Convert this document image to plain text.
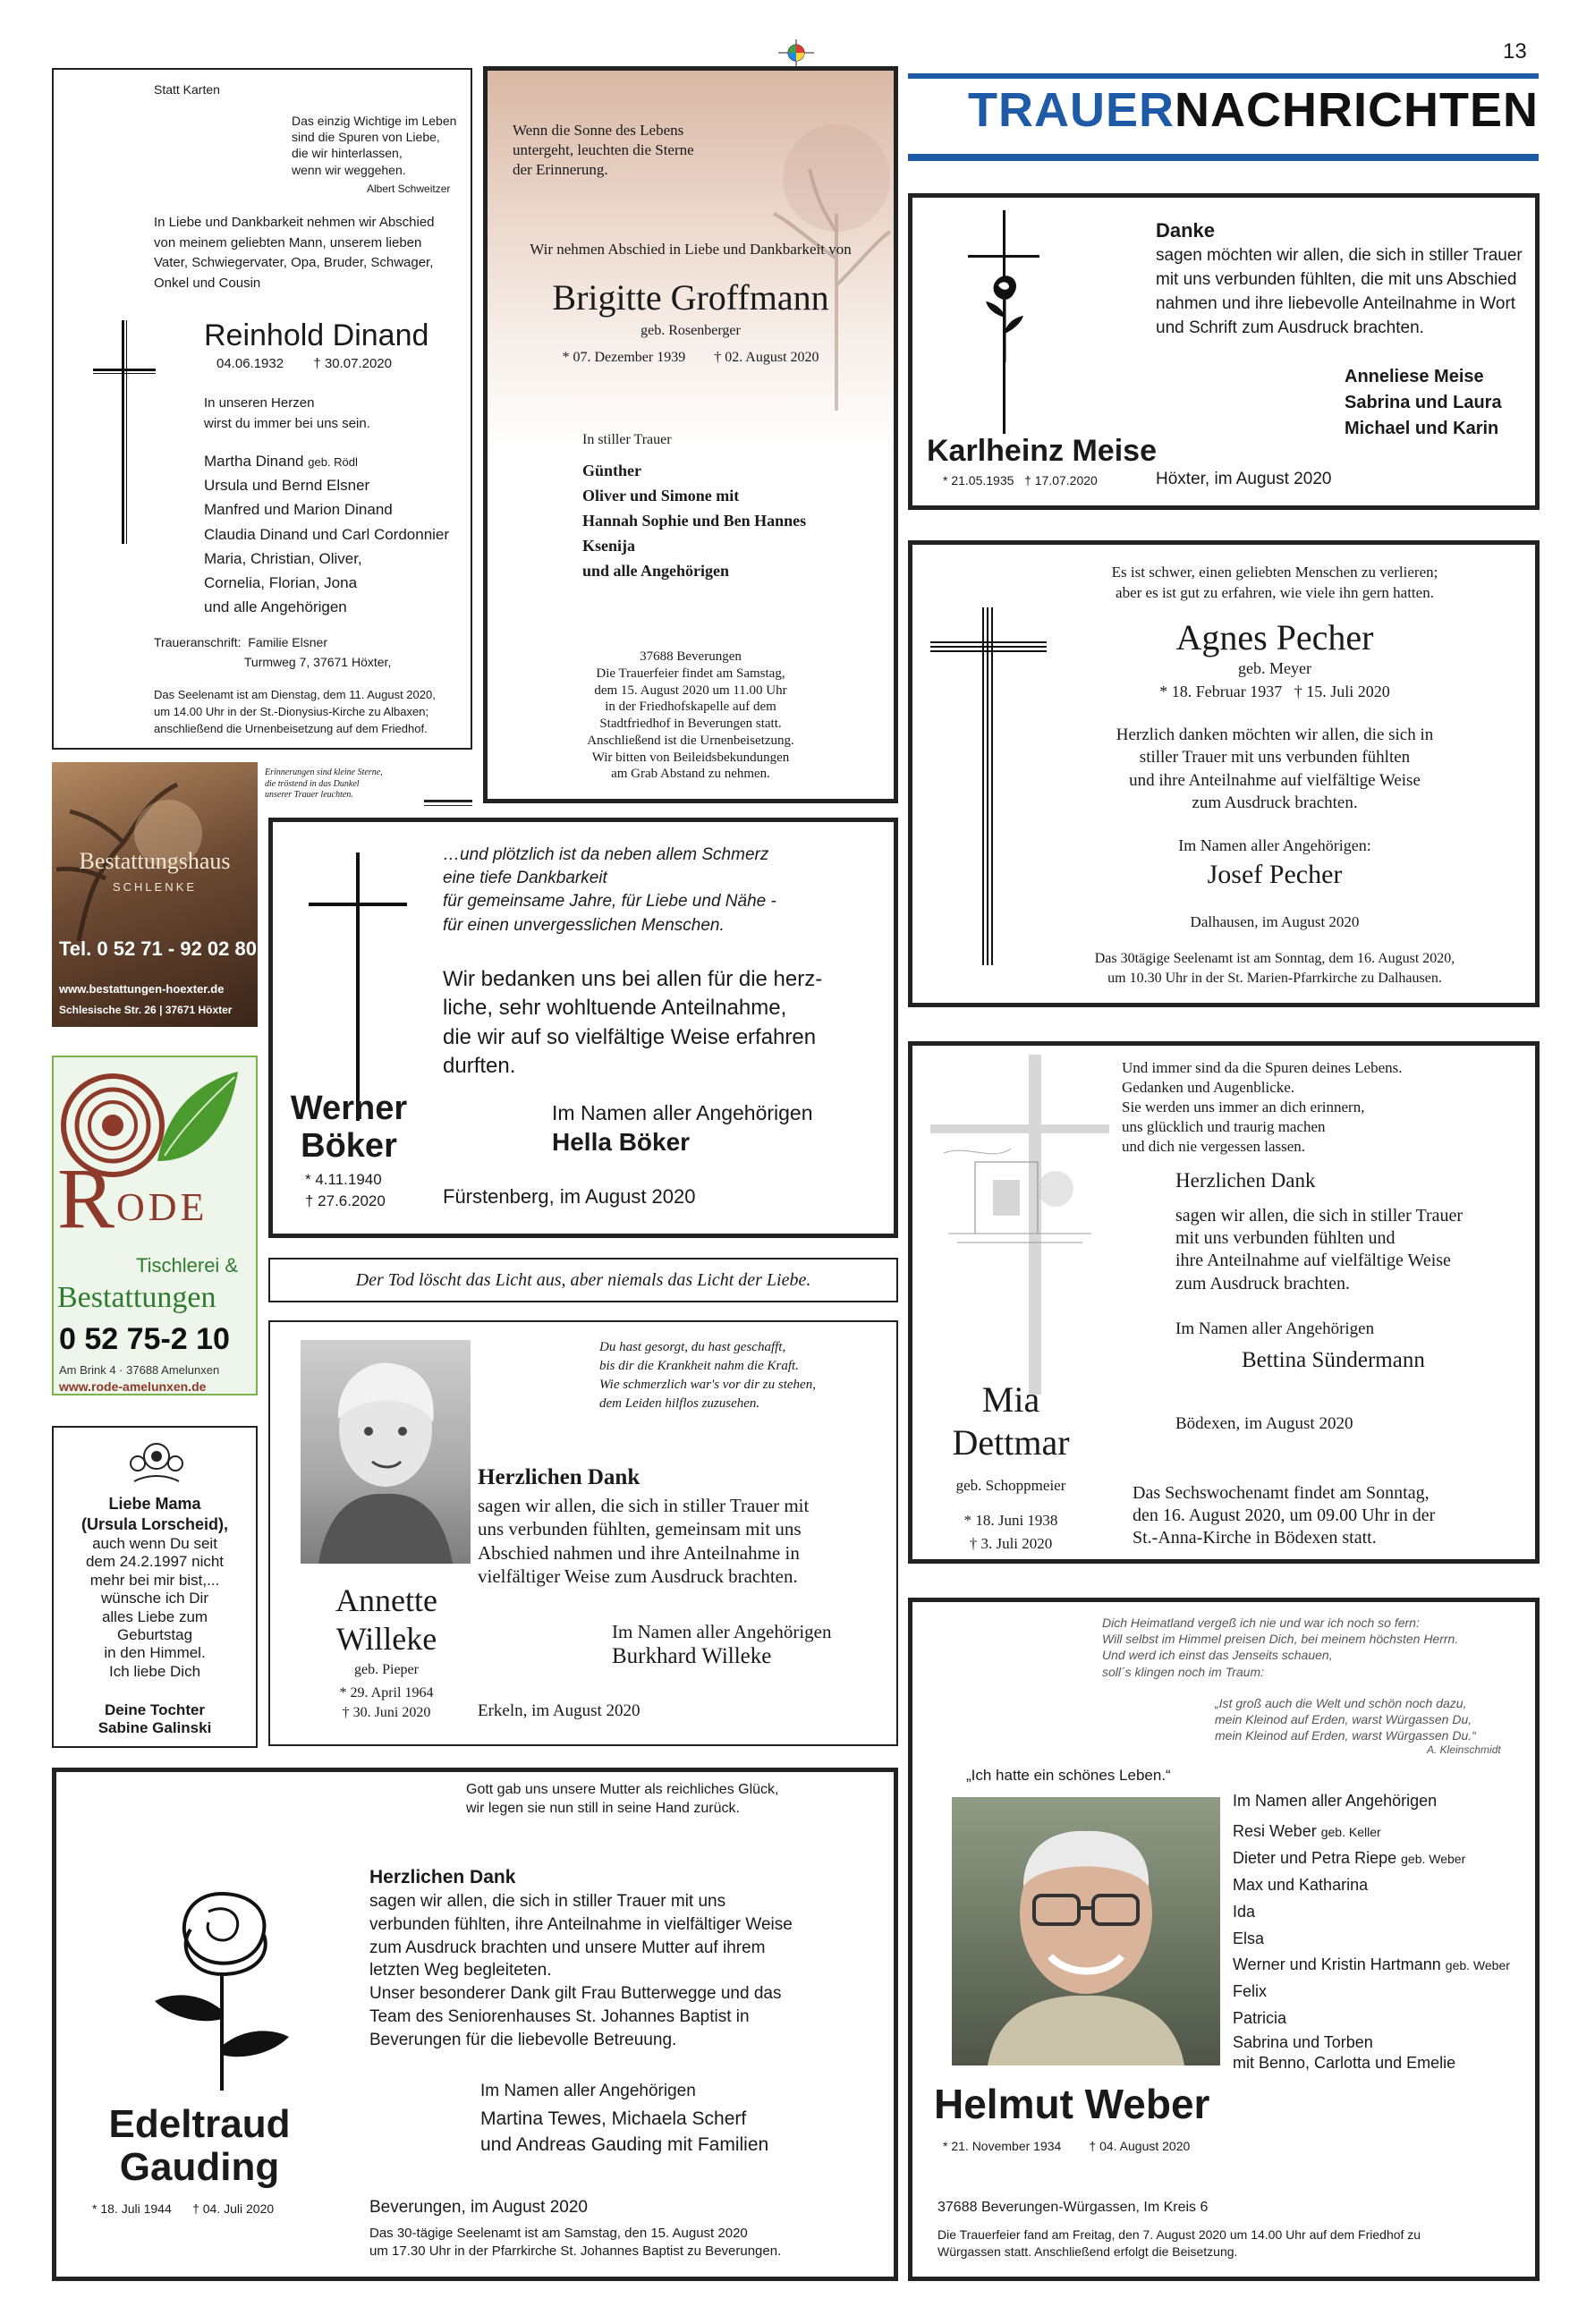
13
TRAUERNACHRICHTEN
Statt Karten
Das einzig Wichtige im Leben
sind die Spuren von Liebe,
die wir hinterlassen,
wenn wir weggehen.
Albert Schweitzer
In Liebe und Dankbarkeit nehmen wir Abschied
von meinem geliebten Mann, unserem lieben
Vater, Schwiegervater, Opa, Bruder, Schwager,
Onkel und Cousin
Reinhold Dinand
04.06.1932        † 30.07.2020
In unseren Herzen
wirst du immer bei uns sein.
Martha Dinand geb. Rödl
Ursula und Bernd Elsner
Manfred und Marion Dinand
Claudia Dinand und Carl Cordonnier
Maria, Christian, Oliver,
Cornelia, Florian, Jona
und alle Angehörigen
Traueranschrift:  Familie Elsner
Turmweg 7, 37671 Höxter,
Das Seelenamt ist am Dienstag, dem 11. August 2020,
um 14.00 Uhr in der St.-Dionysius-Kirche zu Albaxen;
anschließend die Urnenbeisetzung auf dem Friedhof.
Bestattungshaus
SCHLENKE
Tel. 0 52 71 - 92 02 80
www.bestattungen-hoexter.de
Schlesische Str. 26 | 37671 Höxter
Erinnerungen sind kleine Sterne,
die tröstend in das Dunkel
unserer Trauer leuchten.
Wenn die Sonne des Lebens
untergeht, leuchten die Sterne
der Erinnerung.
Wir nehmen Abschied in Liebe und Dankbarkeit von
Brigitte Groffmann
geb. Rosenberger
* 07. Dezember 1939        † 02. August 2020
In stiller Trauer
Günther
Oliver und Simone mit
Hannah Sophie und Ben Hannes
Ksenija
und alle Angehörigen
37688 Beverungen
Die Trauerfeier findet am Samstag,
dem 15. August 2020 um 11.00 Uhr
in der Friedhofskapelle auf dem
Stadtfriedhof in Beverungen statt.
Anschließend ist die Urnenbeisetzung.
Wir bitten von Beileidsbekundungen
am Grab Abstand zu nehmen.
Danke
sagen möchten wir allen, die sich in stiller Trauer
mit uns verbunden fühlten, die mit uns Abschied
nahmen und ihre liebevolle Anteilnahme in Wort
und Schrift zum Ausdruck brachten.
Anneliese Meise
Sabrina und Laura
Michael und Karin
Karlheinz Meise
* 21.05.1935   † 17.07.2020	Höxter, im August 2020
Es ist schwer, einen geliebten Menschen zu verlieren;
aber es ist gut zu erfahren, wie viele ihn gern hatten.
Agnes Pecher
geb. Meyer
* 18. Februar 1937   † 15. Juli 2020
Herzlich danken möchten wir allen, die sich in
stiller Trauer mit uns verbunden fühlten
und ihre Anteilnahme auf vielfältige Weise
zum Ausdruck brachten.
Im Namen aller Angehörigen:
Josef Pecher
Dalhausen, im August 2020
Das 30tägige Seelenamt ist am Sonntag, dem 16. August 2020,
um 10.30 Uhr in der St. Marien-Pfarrkirche zu Dalhausen.
…und plötzlich ist da neben allem Schmerz
eine tiefe Dankbarkeit
für gemeinsame Jahre, für Liebe und Nähe -
für einen unvergesslichen Menschen.
Wir bedanken uns bei allen für die herz-
liche, sehr wohltuende Anteilnahme,
die wir auf so vielfältige Weise erfahren
durften.
Werner
Böker
* 4.11.1940
† 27.6.2020
Im Namen aller Angehörigen
Hella Böker
Fürstenberg, im August 2020
Und immer sind da die Spuren deines Lebens.
Gedanken und Augenblicke.
Sie werden uns immer an dich erinnern,
uns glücklich und traurig machen
und dich nie vergessen lassen.
Herzlichen Dank
sagen wir allen, die sich in stiller Trauer
mit uns verbunden fühlten und
ihre Anteilnahme auf vielfältige Weise
zum Ausdruck brachten.
Im Namen aller Angehörigen
Bettina Sündermann
Bödexen, im August 2020
Mia
Dettmar
geb. Schoppmeier
* 18. Juni 1938
† 3. Juli 2020
Das Sechswochenamt findet am Sonntag,
den 16. August 2020, um 09.00 Uhr in der
St.-Anna-Kirche in Bödexen statt.
R ODE
Tischlerei &
Bestattungen
0 52 75-2 10
Am Brink 4 · 37688 Amelunxen
www.rode-amelunxen.de
Der Tod löscht das Licht aus, aber niemals das Licht der Liebe.
Du hast gesorgt, du hast geschafft,
bis dir die Krankheit nahm die Kraft.
Wie schmerzlich war's vor dir zu stehen,
dem Leiden hilflos zuzusehen.
Herzlichen Dank
sagen wir allen, die sich in stiller Trauer mit
uns verbunden fühlten, gemeinsam mit uns
Abschied nahmen und ihre Anteilnahme in
vielfältiger Weise zum Ausdruck brachten.
Annette
Willeke
geb. Pieper
* 29. April 1964
† 30. Juni 2020
Im Namen aller Angehörigen
Burkhard Willeke
Erkeln, im August 2020
Liebe Mama
(Ursula Lorscheid),
auch wenn Du seit
dem 24.2.1997 nicht
mehr bei mir bist,...
wünsche ich Dir
alles Liebe zum
Geburtstag
in den Himmel.
Ich liebe Dich
Deine Tochter
Sabine Galinski
Gott gab uns unsere Mutter als reichliches Glück,
wir legen sie nun still in seine Hand zurück.
Herzlichen Dank
sagen wir allen, die sich in stiller Trauer mit uns
verbunden fühlten, ihre Anteilnahme in vielfältiger Weise
zum Ausdruck brachten und unsere Mutter auf ihrem
letzten Weg begleiteten.
Unser besonderer Dank gilt Frau Butterwegge und das
Team des Seniorenhauses St. Johannes Baptist in
Beverungen für die liebevolle Betreuung.
Im Namen aller Angehörigen
Martina Tewes, Michaela Scherf
und Andreas Gauding mit Familien
Edeltraud
Gauding
* 18. Juli 1944      † 04. Juli 2020	Beverungen, im August 2020
Das 30-tägige Seelenamt ist am Samstag, den 15. August 2020
um 17.30 Uhr in der Pfarrkirche St. Johannes Baptist zu Beverungen.
Dich Heimatland vergeß ich nie und war ich noch so fern:
Will selbst im Himmel preisen Dich, bei meinem höchsten Herrn.
Und werd ich einst das Jenseits schauen,
soll´s klingen noch im Traum:
„Ist groß auch die Welt und schön noch dazu,
mein Kleinod auf Erden, warst Würgassen Du,
mein Kleinod auf Erden, warst Würgassen Du.“
A. Kleinschmidt
„Ich hatte ein schönes Leben.“
Im Namen aller Angehörigen
Resi Weber geb. Keller
Dieter und Petra Riepe geb. Weber
Max und Katharina
Ida
Elsa
Werner und Kristin Hartmann geb. Weber
Felix
Patricia
Sabrina und Torben
mit Benno, Carlotta und Emelie
Helmut Weber
* 21. November 1934        † 04. August 2020
37688 Beverungen-Würgassen, Im Kreis 6
Die Trauerfeier fand am Freitag, den 7. August 2020 um 14.00 Uhr auf dem Friedhof zu
Würgassen statt. Anschließend erfolgt die Beisetzung.
